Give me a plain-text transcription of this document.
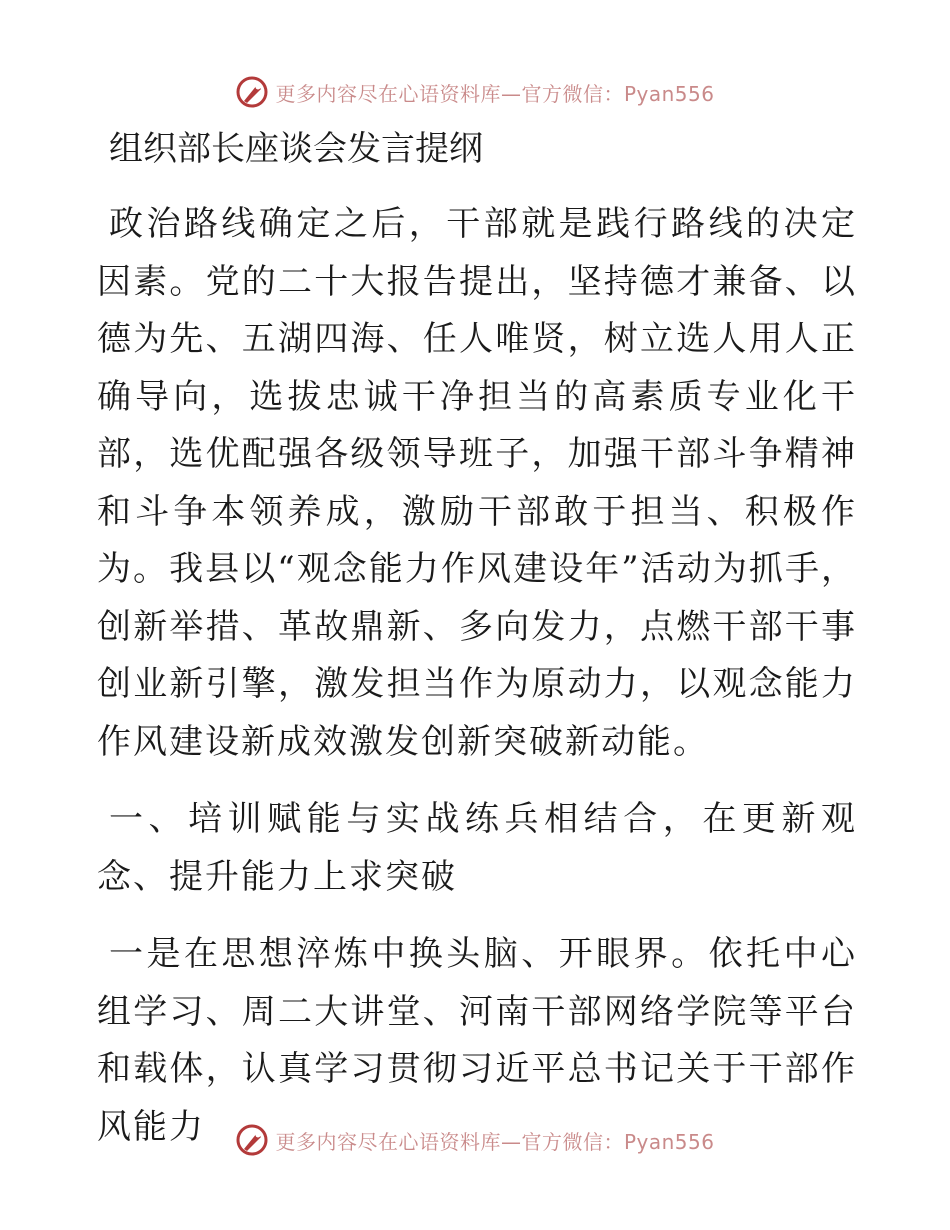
更多内容尽在心语资料库—官方微信：Pyan556
组织部长座谈会发言提纲

政治路线确定之后，干部就是践行路线的决定因素。党的二十大报告提出，坚持德才兼备、以德为先、五湖四海、任人唯贤，树立选人用人正确导向，选拔忠诚干净担当的高素质专业化干部，选优配强各级领导班子，加强干部斗争精神和斗争本领养成，激励干部敢于担当、积极作为。我县以“观念能力作风建设年”活动为抓手，创新举措、革故鼎新、多向发力，点燃干部干事创业新引擎，激发担当作为原动力，以观念能力作风建设新成效激发创新突破新动能。

一、培训赋能与实战练兵相结合，在更新观念、提升能力上求突破

一是在思想淬炼中换头脑、开眼界。依托中心组学习、周二大讲堂、河南干部网络学院等平台和载体，认真学习贯彻习近平总书记关于干部作风能力	更多内容尽在心语资料库—官方微信：Pyan556
